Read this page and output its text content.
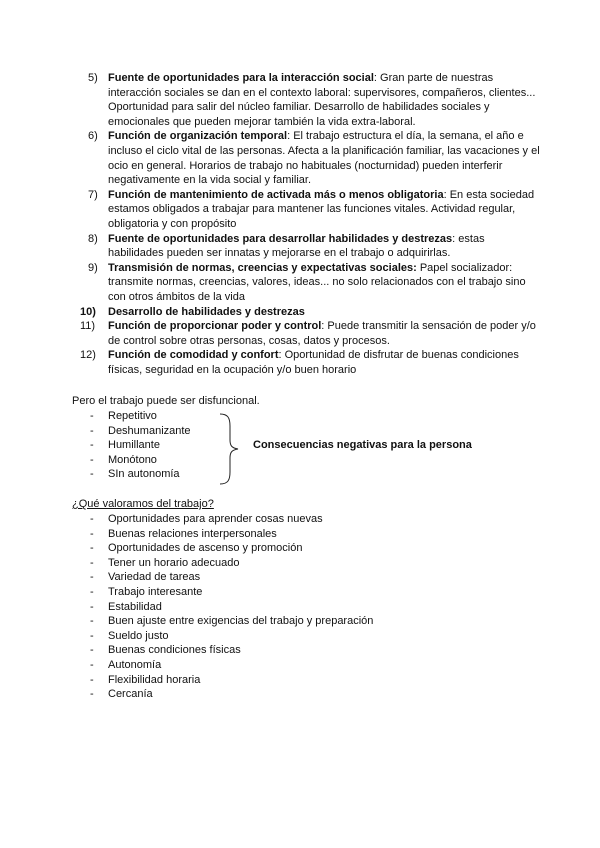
5) Fuente de oportunidades para la interacción social: Gran parte de nuestras interacción sociales se dan en el contexto laboral: supervisores, compañeros, clientes... Oportunidad para salir del núcleo familiar. Desarrollo de habilidades sociales y emocionales que pueden mejorar también la vida extra-laboral.
6) Función de organización temporal: El trabajo estructura el día, la semana, el año e incluso el ciclo vital de las personas. Afecta a la planificación familiar, las vacaciones y el ocio en general. Horarios de trabajo no habituales (nocturnidad) pueden interferir negativamente en la vida social y familiar.
7) Función de mantenimiento de activada más o menos obligatoria: En esta sociedad estamos obligados a trabajar para mantener las funciones vitales. Actividad regular, obligatoria y con propósito
8) Fuente de oportunidades para desarrollar habilidades y destrezas: estas habilidades pueden ser innatas y mejorarse en el trabajo o adquirirlas.
9) Transmisión de normas, creencias y expectativas sociales: Papel socializador: transmite normas, creencias, valores, ideas... no solo relacionados con el trabajo sino con otros ámbitos de la vida
10) Desarrollo de habilidades y destrezas
11) Función de proporcionar poder y control: Puede transmitir la sensación de poder y/o de control sobre otras personas, cosas, datos y procesos.
12) Función de comodidad y confort: Oportunidad de disfrutar de buenas condiciones físicas, seguridad en la ocupación y/o buen horario

Pero el trabajo puede ser disfuncional.

- Repetitivo
- Deshumanizante
- Humillante
- Monótono
- SIn autonomía
Consecuencias negativas para la persona

¿Qué valoramos del trabajo?

- Oportunidades para aprender cosas nuevas
- Buenas relaciones interpersonales
- Oportunidades de ascenso y promoción
- Tener un horario adecuado
- Variedad de tareas
- Trabajo interesante
- Estabilidad
- Buen ajuste entre exigencias del trabajo y preparación
- Sueldo justo
- Buenas condiciones físicas
- Autonomía
- Flexibilidad horaria
- Cercanía
